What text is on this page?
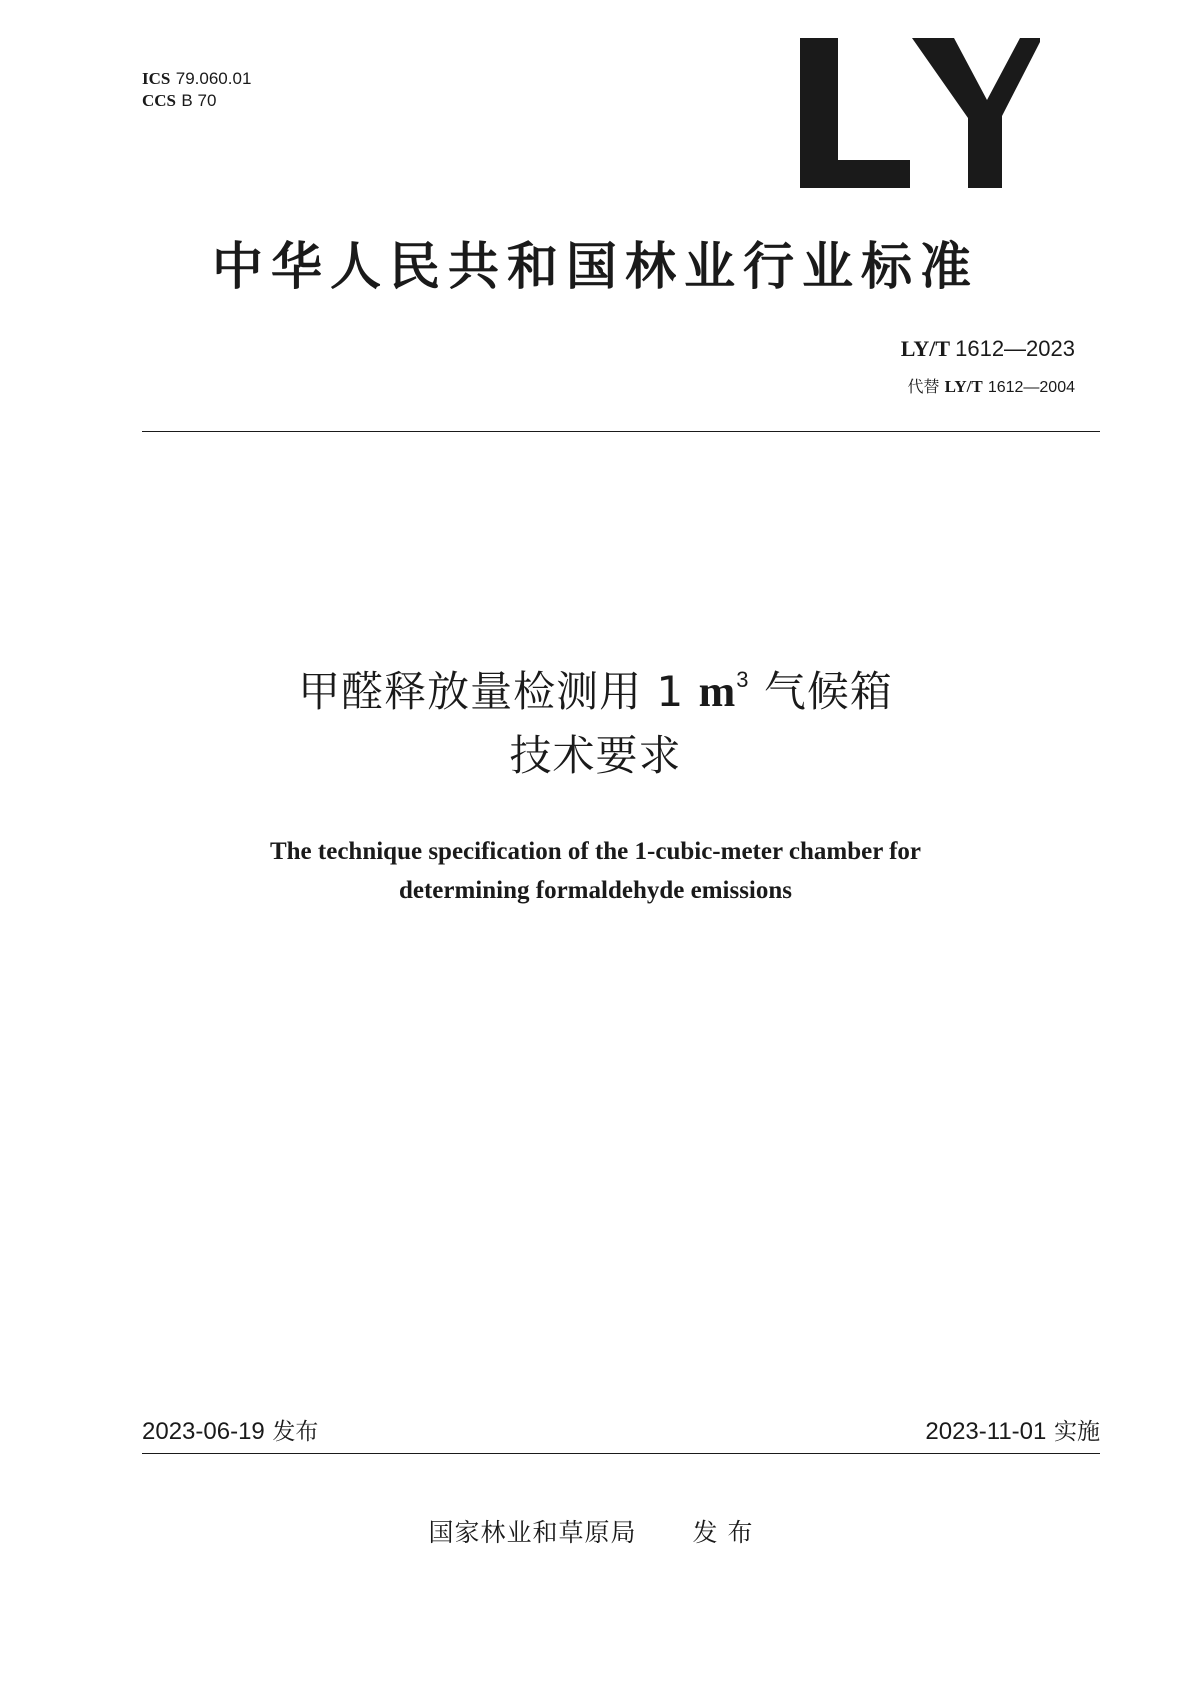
ICS 79.060.01
CCS B 70
中华人民共和国林业行业标准
LY/T 1612—2023
代替 LY/T 1612—2004
甲醛释放量检测用 1 $m^3$ 气候箱
技术要求
The technique specification of the 1-cubic-meter chamber for
determining formaldehyde emissions
2023-06-19 发布	2023-11-01 实施
国家林业和草原局 发布
